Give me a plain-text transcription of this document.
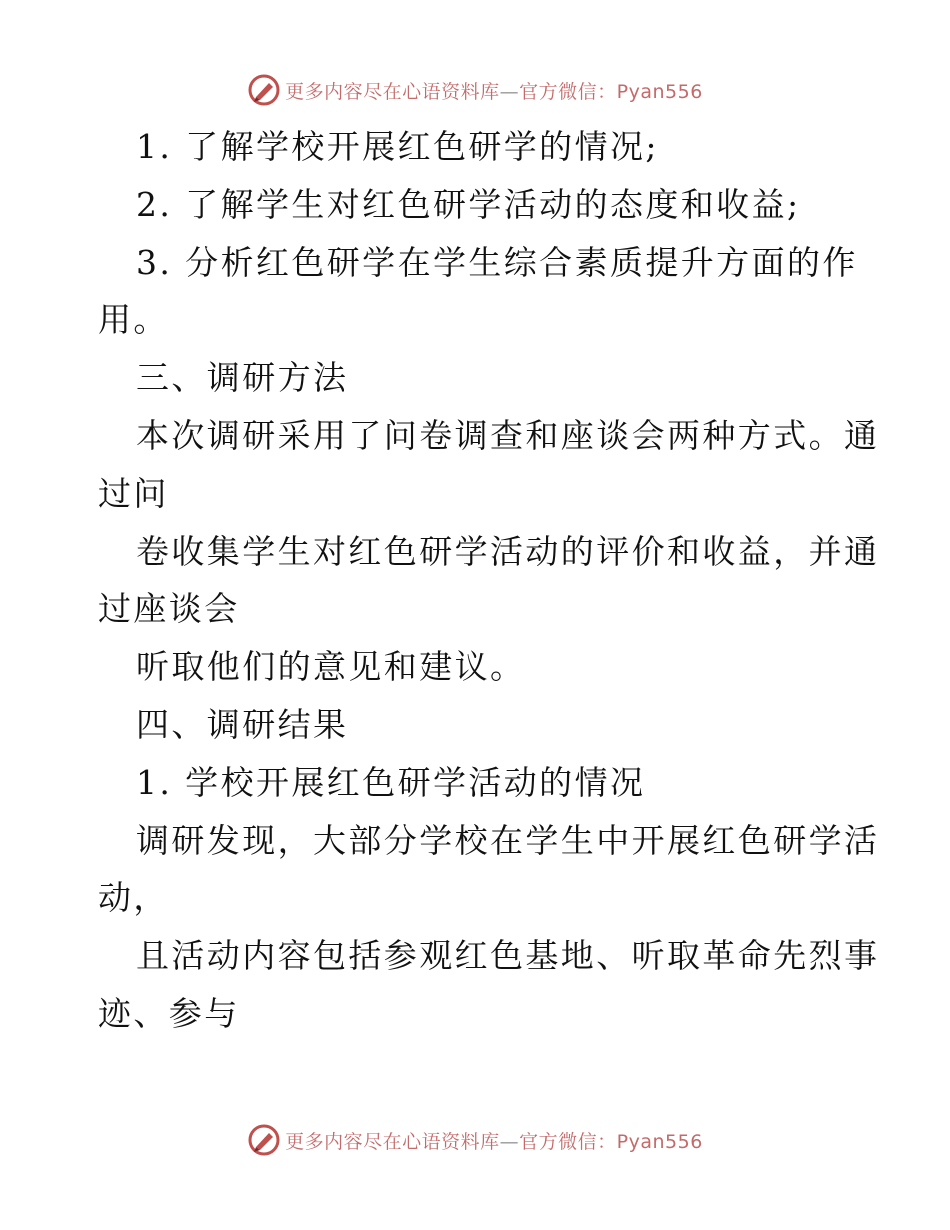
更多内容尽在心语资料库—官方微信：Pyan556
1. 了解学校开展红色研学的情况;
2. 了解学生对红色研学活动的态度和收益;
3. 分析红色研学在学生综合素质提升方面的作
用。
三、调研方法
本次调研采用了问卷调查和座谈会两种方式。通
过问
卷收集学生对红色研学活动的评价和收益，并通
过座谈会
听取他们的意见和建议。
四、调研结果
1. 学校开展红色研学活动的情况
调研发现，大部分学校在学生中开展红色研学活
动，
且活动内容包括参观红色基地、听取革命先烈事
迹、参与
更多内容尽在心语资料库—官方微信：Pyan556
